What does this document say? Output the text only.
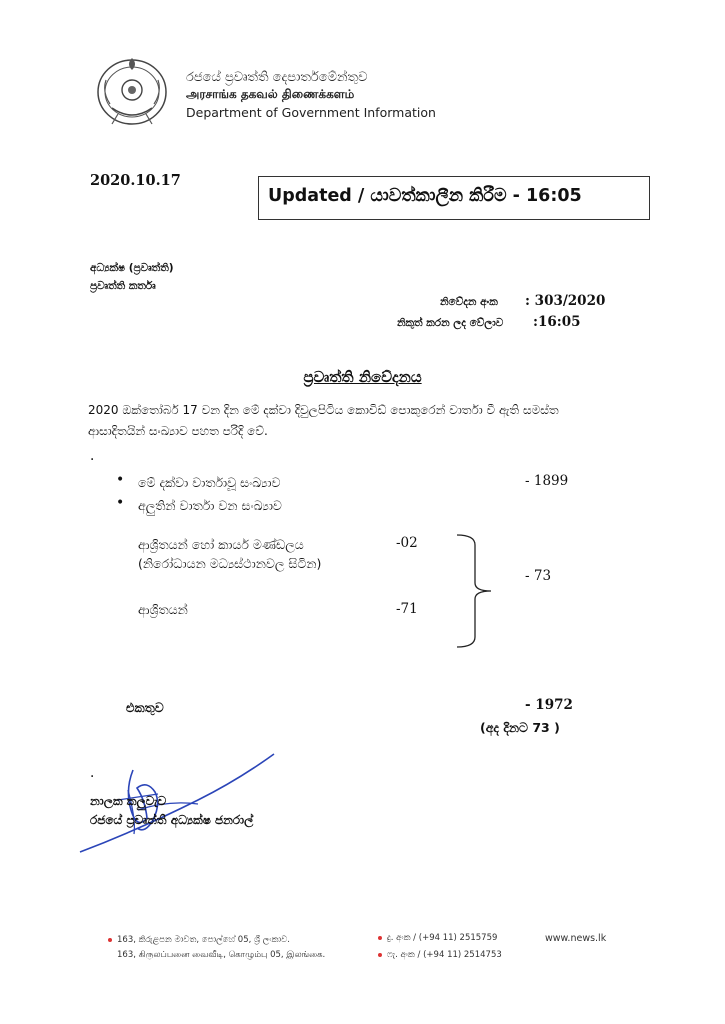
රජයේ ප්‍රවෘත්ති දෙපාර්තමේන්තුව
அரசாங்க தகவல் திணைக்களம்
Department of Government Information
2020.10.17
Updated / යාවත්කාලීන කිරීම - 16:05
අධ්‍යක්ෂ (ප්‍රවෘත්ති)
ප්‍රවෘත්ති කර්තෘ
නිවේදන අංක : 303/2020
නිකුත් කරන ලද වේලාව :16:05
ප්‍රවෘත්ති නිවේදනය
2020 ඔක්තෝබර් 17 වන දින මේ දක්වා දිවුලපිටිය කොවිඩ් පොකුරෙන් වාර්තා වී ඇති සමස්ත
ආසාදිතයින් සංඛ්‍යාව පහත පරිදි වේ.
.
• මේ දක්වා වාර්තාවූ සංඛ්‍යාව	- 1899
• අලුතින් වාර්තා වන සංඛ්‍යාව
ආශ්‍රිතයන් හෝ කාර්ය මණ්ඩලය
(නිරෝධායන මධ්‍යස්ථානවල සිටින)
-02
ආශ්‍රිතයන්	-71
- 73
එකතුව	- 1972
(අද දිනට 73 )
.
නාලක කලුවැව
රජයේ ප්‍රවෘත්ති අධ්‍යක්ෂ ජනරාල්
163, කිරුළපන මාවත, පොල්හේ 05, ශ්‍රී ලංකාව.
163, கிருலப்பனை வைவீடி, கொழும்பு 05, இலங்கை.
දු. අංක / (+94 11) 2515759
ෆැ. අංක / (+94 11) 2514753
www.news.lk
